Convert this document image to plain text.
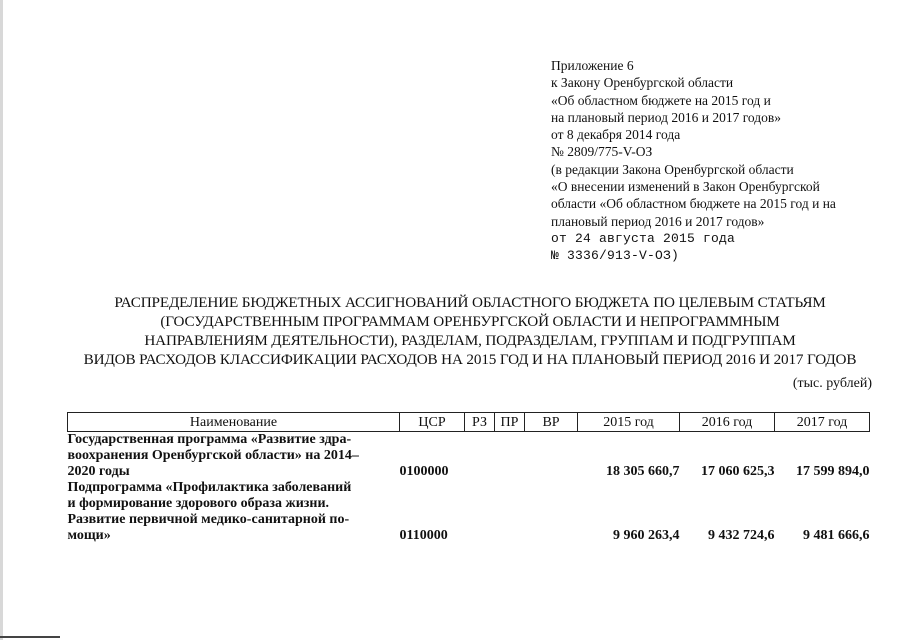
Приложение 6
к Закону Оренбургской области
«Об областном бюджете на 2015 год и
на плановый период 2016 и 2017 годов»
от 8 декабря 2014 года
№ 2809/775-V-ОЗ
(в редакции Закона Оренбургской области
«О внесении изменений в Закон Оренбургской
области «Об областном бюджете на 2015 год и на
плановый период 2016 и 2017 годов»
от 24 августа 2015 года
№ 3336/913-V-ОЗ)
РАСПРЕДЕЛЕНИЕ БЮДЖЕТНЫХ АССИГНОВАНИЙ ОБЛАСТНОГО БЮДЖЕТА ПО ЦЕЛЕВЫМ СТАТЬЯМ
(ГОСУДАРСТВЕННЫМ ПРОГРАММАМ ОРЕНБУРГСКОЙ ОБЛАСТИ И НЕПРОГРАММНЫМ
НАПРАВЛЕНИЯМ ДЕЯТЕЛЬНОСТИ), РАЗДЕЛАМ, ПОДРАЗДЕЛАМ, ГРУППАМ И ПОДГРУППАМ
ВИДОВ РАСХОДОВ КЛАССИФИКАЦИИ РАСХОДОВ НА 2015 ГОД И НА ПЛАНОВЫЙ ПЕРИОД 2016 И 2017 ГОДОВ
(тыс. рублей)
Наименование	ЦСР	РЗ	ПР	ВР	2015 год	2016 год	2017 год

Государственная программа «Развитие здра-
воохранения Оренбургской области» на 2014–
2020 годы	0100000				18 305 660,7	17 060 625,3	17 599 894,0

Подпрограмма «Профилактика заболеваний
и формирование здорового образа жизни.
Развитие первичной медико-санитарной по-
мощи»	0110000				9 960 263,4	9 432 724,6	9 481 666,6
